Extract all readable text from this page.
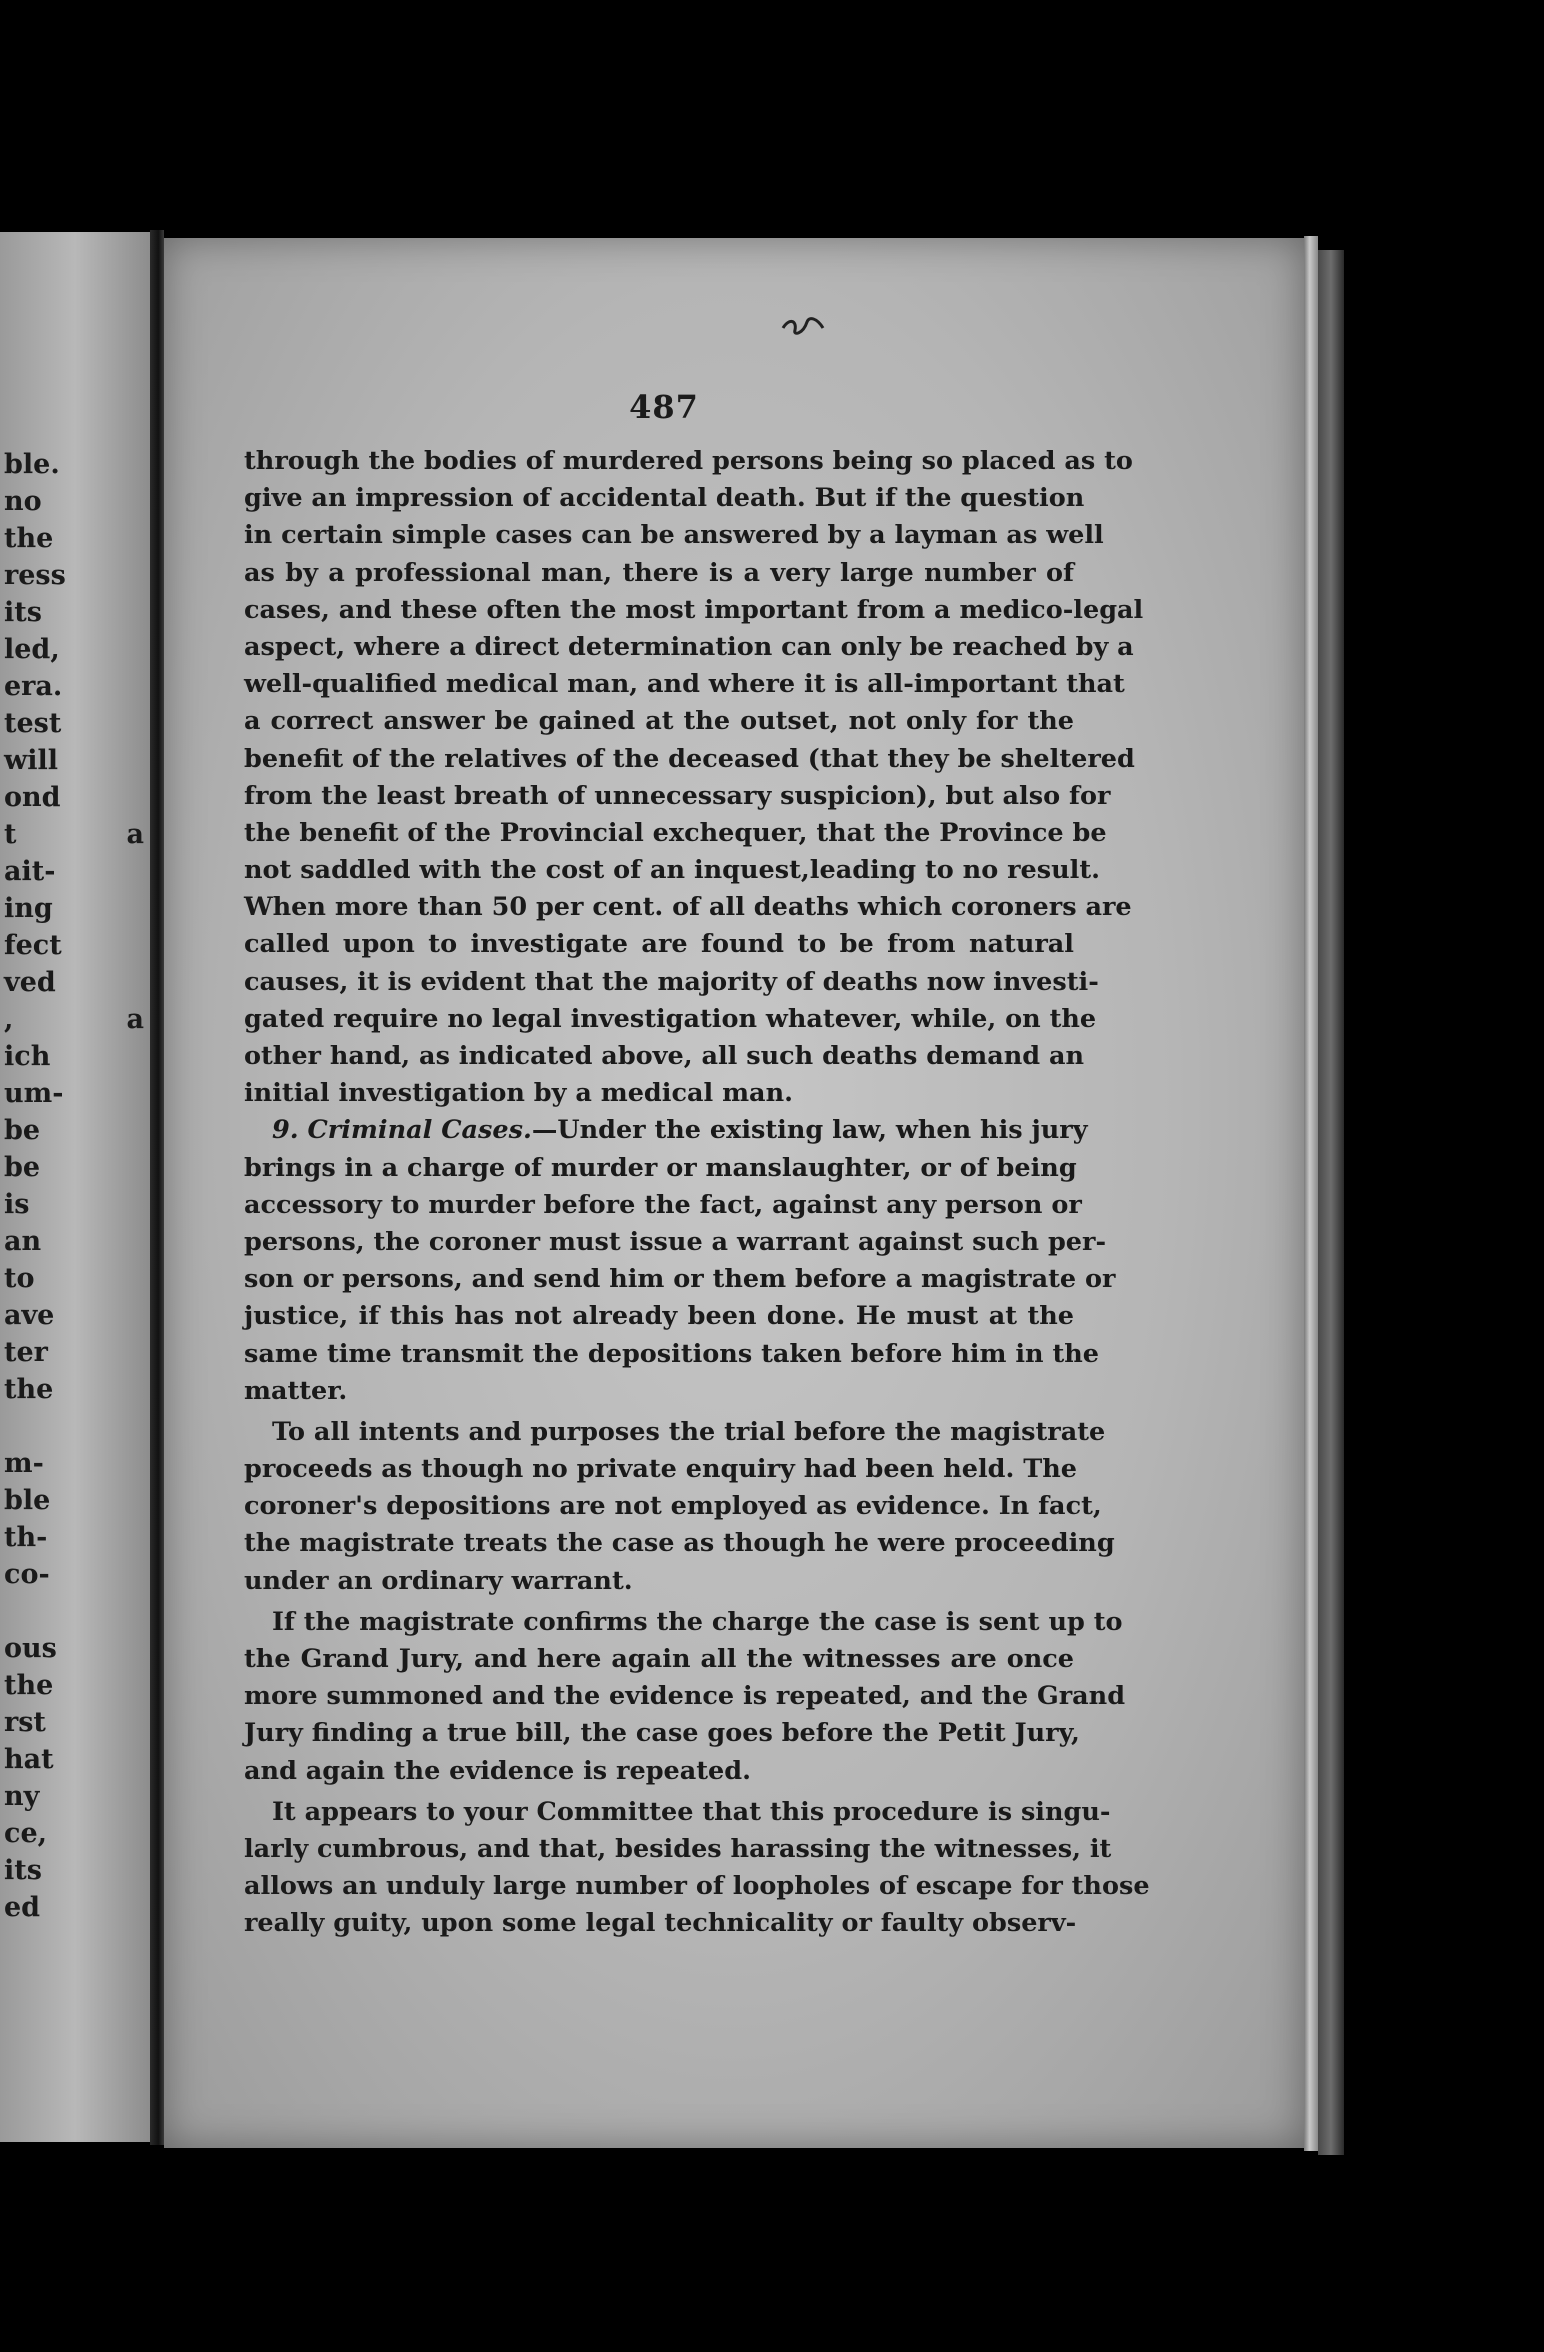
ble.
no
the
ress
its
led,
era.
test
will
ond
t a
ait-
ing
fect
ved
, a
ich
um-
be
be
is
an
to
ave
ter
the
m-
ble
th-
co-
ous
the
rst
hat
ny
ce,
its
ed
487
through the bodies of murdered persons being so placed as to
give an impression of accidental death. But if the question
in certain simple cases can be answered by a layman as well
as by a professional man, there is a very large number of
cases, and these often the most important from a medico-legal
aspect, where a direct determination can only be reached by a
well-qualified medical man, and where it is all-important that
a correct answer be gained at the outset, not only for the
benefit of the relatives of the deceased (that they be sheltered
from the least breath of unnecessary suspicion), but also for
the benefit of the Provincial exchequer, that the Province be
not saddled with the cost of an inquest,leading to no result.
When more than 50 per cent. of all deaths which coroners are
called upon to investigate are found to be from natural
causes, it is evident that the majority of deaths now investi-
gated require no legal investigation whatever, while, on the
other hand, as indicated above, all such deaths demand an
initial investigation by a medical man.
9. Criminal Cases.—Under the existing law, when his jury
brings in a charge of murder or manslaughter, or of being
accessory to murder before the fact, against any person or
persons, the coroner must issue a warrant against such per-
son or persons, and send him or them before a magistrate or
justice, if this has not already been done. He must at the
same time transmit the depositions taken before him in the
matter.
To all intents and purposes the trial before the magistrate
proceeds as though no private enquiry had been held. The
coroner's depositions are not employed as evidence. In fact,
the magistrate treats the case as though he were proceeding
under an ordinary warrant.
If the magistrate confirms the charge the case is sent up to
the Grand Jury, and here again all the witnesses are once
more summoned and the evidence is repeated, and the Grand
Jury finding a true bill, the case goes before the Petit Jury,
and again the evidence is repeated.
It appears to your Committee that this procedure is singu-
larly cumbrous, and that, besides harassing the witnesses, it
allows an unduly large number of loopholes of escape for those
really guity, upon some legal technicality or faulty observ-
